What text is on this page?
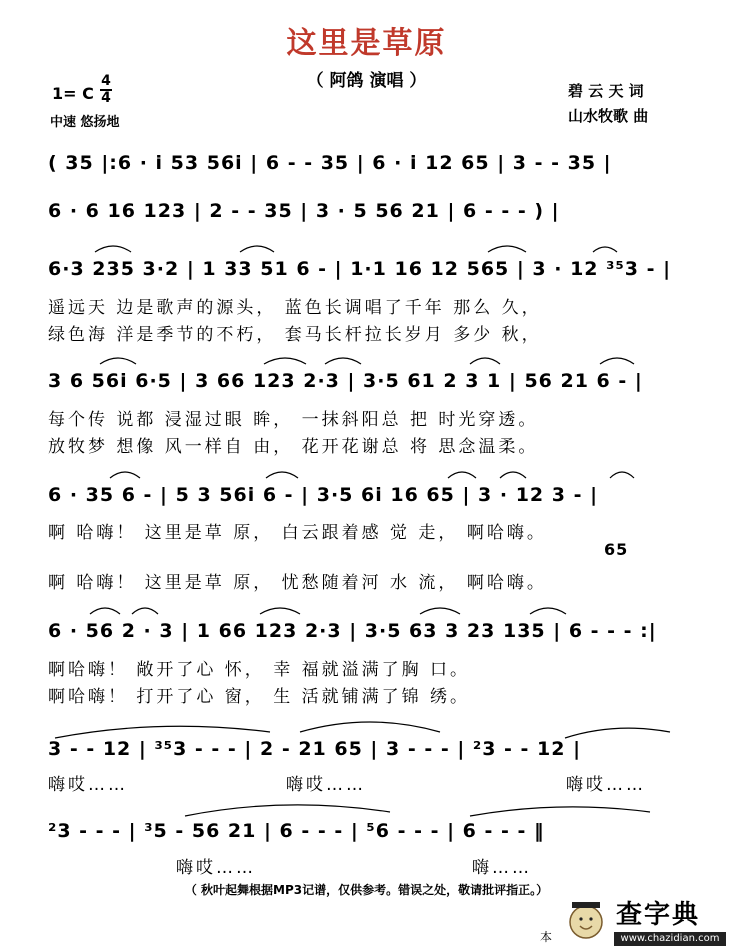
这里是草原
（ 阿鸽 演唱 ）
1= C
4
4
中速 悠扬地
碧 云 天 词
山水牧歌 曲
( 35 |:6 · i 53 56i | 6 - - 35 | 6 · i 12 65 | 3 - - 35 |
6 · 6 16 123 | 2 - - 35 | 3 · 5 56 21 | 6 - - - ) |
6·3 235 3·2 | 1 33 51 6 - | 1·1 16 12 565 | 3 · 12 ³⁵3 - |
遥远天 边是歌声的源头， 蓝色长调唱了千年 那么 久，
绿色海 洋是季节的不朽， 套马长杆拉长岁月 多少 秋，
3 6 56i 6·5 | 3 66 123 2·3 | 3·5 61 2 3 1 | 56 21 6 - |
每个传 说都 浸湿过眼 眸， 一抹斜阳总 把 时光穿透。
放牧梦 想像 风一样自 由， 花开花谢总 将 思念温柔。
6 · 35 6 - | 5 3 56i 6 - | 3·5 6i 16 65 | 3 · 12 3 - |
啊 哈嗨！ 这里是草 原， 白云跟着感 觉 走， 啊哈嗨。
65
啊 哈嗨！ 这里是草 原， 忧愁随着河 水 流， 啊哈嗨。
6 · 56 2 · 3 | 1 66 123 2·3 | 3·5 63 3 23 135 | 6 - - - :|
啊哈嗨！ 敞开了心 怀， 幸 福就溢满了胸 口。
啊哈嗨！ 打开了心 窗， 生 活就铺满了锦 绣。
3 - - 12 | ³⁵3 - - - | 2 - 21 65 | 3 - - - | ²3 - - 12 |
嗨哎……	嗨哎……	嗨哎……
²3 - - - | ³5 - 56 21 | 6 - - - | ⁵6 - - - | 6 - - - ‖
嗨哎……	嗨……
（ 秋叶起舞根据MP3记谱，仅供参考。错误之处，敬请批评指正。）
本
查字典
www.chazidian.com
